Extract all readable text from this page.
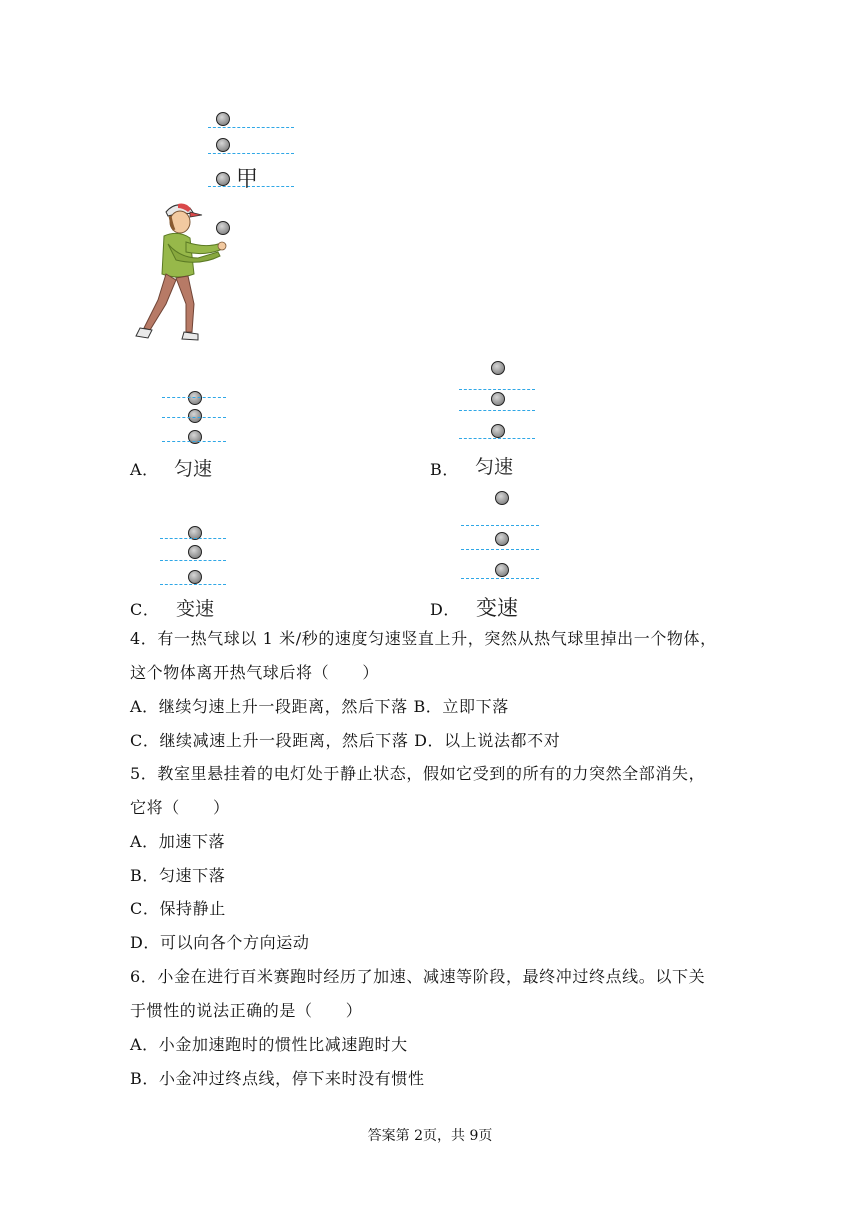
甲
匀速
A．	匀速
B．
变速
C．	变速
D．
4．有一热气球以 1 米/秒的速度匀速竖直上升，突然从热气球里掉出一个物体，
这个物体离开热气球后将（　　）
A．继续匀速上升一段距离，然后下落 B．立即下落
C．继续减速上升一段距离，然后下落 D．以上说法都不对
5．教室里悬挂着的电灯处于静止状态，假如它受到的所有的力突然全部消失，
它将（　　）
A．加速下落
B．匀速下落
C．保持静止
D．可以向各个方向运动
6．小金在进行百米赛跑时经历了加速、减速等阶段，最终冲过终点线。以下关
于惯性的说法正确的是（　　）
A．小金加速跑时的惯性比减速跑时大
B．小金冲过终点线，停下来时没有惯性
答案第 2页，共 9页
